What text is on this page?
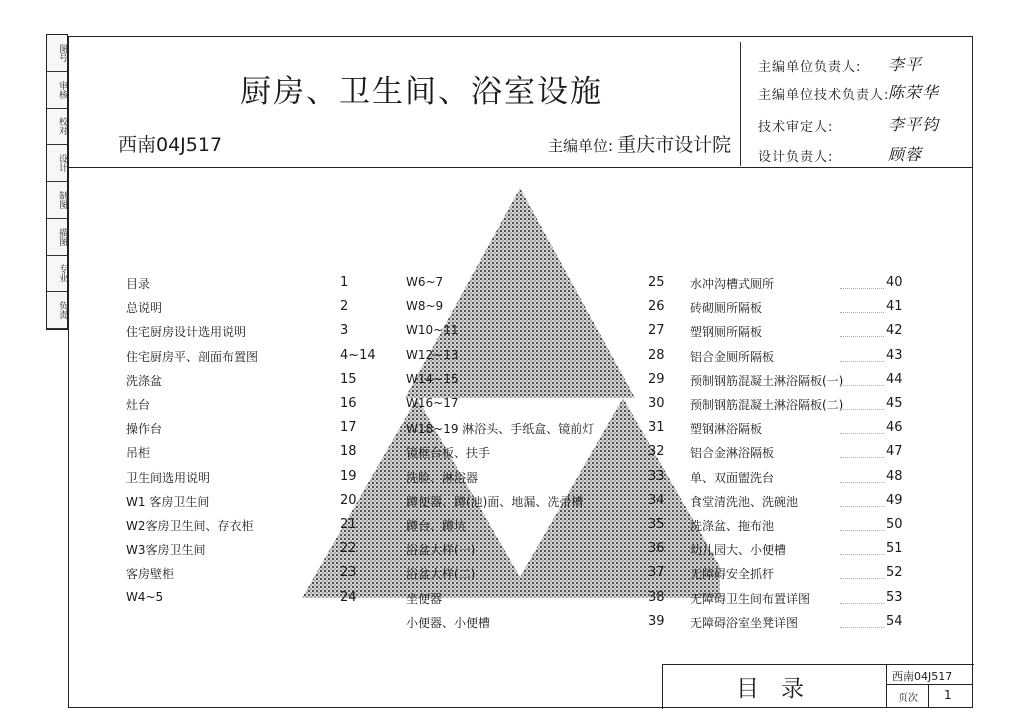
图号
审核
校对
设计
制图
描图
专业
负责
厨房、卫生间、浴室设施
西南04J517	主编单位: 重庆市设计院
主编单位负责人: 李平
主编单位技术负责人:
陈荣华
技术审定人:	李平钧
设计负责人:	顾蓉
目录	1
总说明	2
住宅厨房设计选用说明	3
住宅厨房平、剖面布置图	4~14
洗涤盆	15
灶台	16
操作台	17
吊柜	18
卫生间选用说明	19
W1 客房卫生间	20
W2客房卫生间、存衣柜	21
W3客房卫生间	22
客房壁柜	23
W4~5	24
W6~7	25
W8~9	26
W10~11	27
W12~13	28
W14~15	29
W16~17	30
W18~19 淋浴头、手纸盒、镜前灯	31
镜框台板、扶手	32
洗脸、淋浴器	33
蹲便器、蹲(池)面、地漏、冼帚槽	34
蹲台、蹲坑	35
浴盆大样(一)	36
浴盆大样(二)	37
坐便器	38
小便器、小便槽	39
水冲沟槽式厕所	40
砖砌厕所隔板	41
塑钢厕所隔板	42
铝合金厕所隔板	43
预制钢筋混凝土淋浴隔板(一)	44
预制钢筋混凝土淋浴隔板(二)	45
塑钢淋浴隔板	46
铝合金淋浴隔板	47
单、双面盥洗台	48
食堂清洗池、洗碗池	49
洗涤盆、拖布池	50
幼儿园大、小便槽	51
无障碍安全抓杆	52
无障碍卫生间布置详图	53
无障碍浴室坐凳详图	54
目录	西南04J517
页次 1
